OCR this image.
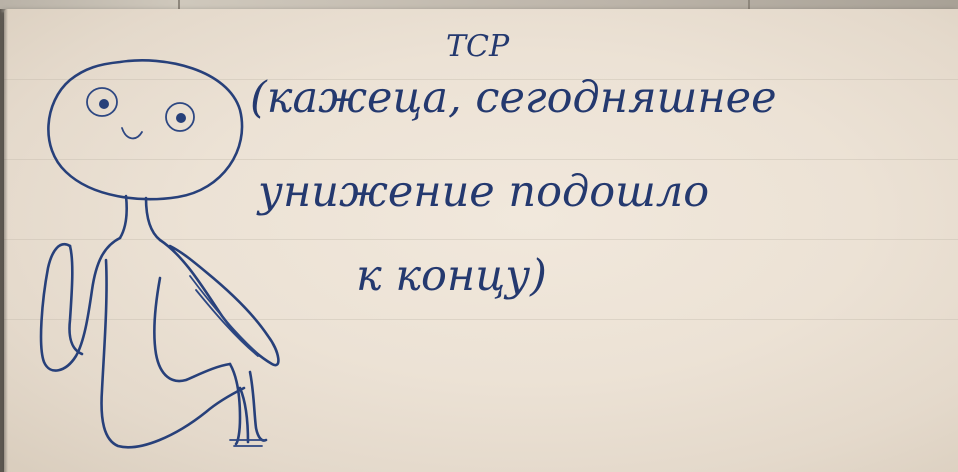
ТСР
(кажеца, сегодняшнее
унижение подошло
к концу)
